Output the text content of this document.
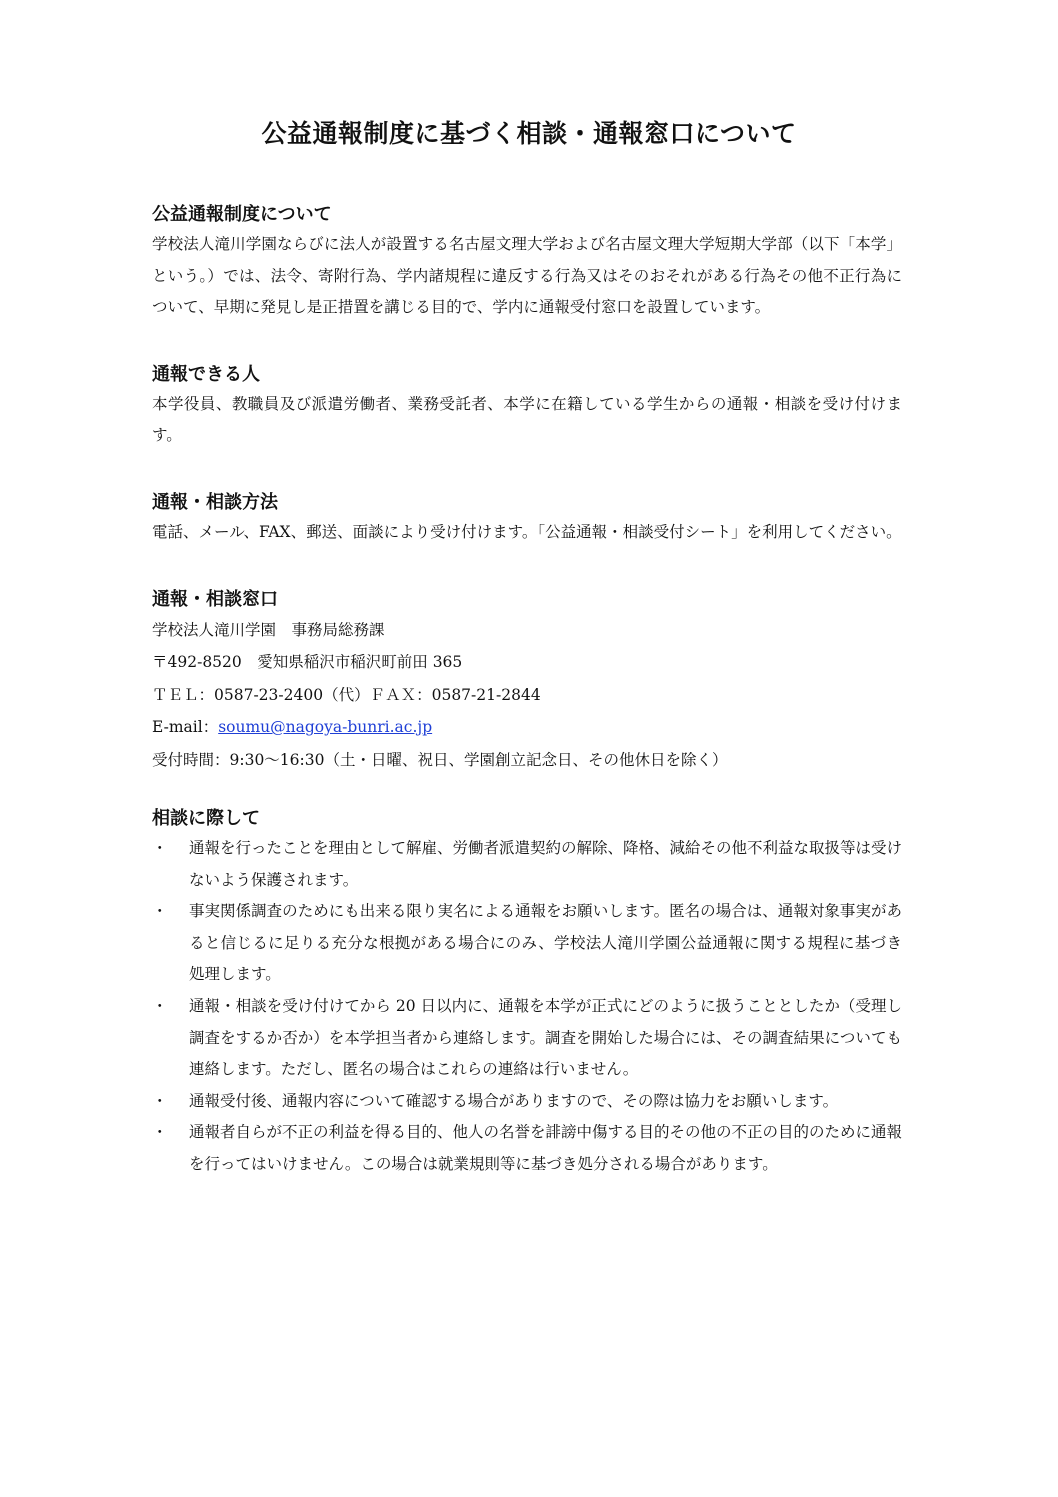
公益通報制度に基づく相談・通報窓口について
公益通報制度について

学校法人滝川学園ならびに法人が設置する名古屋文理大学および名古屋文理大学短期大学部（以下「本学」という。）では、法令、寄附行為、学内諸規程に違反する行為又はそのおそれがある行為その他不正行為について、早期に発見し是正措置を講じる目的で、学内に通報受付窓口を設置しています。

通報できる人

本学役員、教職員及び派遣労働者、業務受託者、本学に在籍している学生からの通報・相談を受け付けます。

通報・相談方法

電話、メール、FAX、郵送、面談により受け付けます。「公益通報・相談受付シート」を利用してください。

通報・相談窓口
学校法人滝川学園　事務局総務課
〒492-8520　愛知県稲沢市稲沢町前田 365
ＴＥＬ：0587-23-2400（代）ＦＡＸ：0587-21-2844
E-mail：soumu@nagoya-bunri.ac.jp
受付時間：9:30～16:30（土・日曜、祝日、学園創立記念日、その他休日を除く）
相談に際して
・ 通報を行ったことを理由として解雇、労働者派遣契約の解除、降格、減給その他不利益な取扱等は受けないよう保護されます。
・ 事実関係調査のためにも出来る限り実名による通報をお願いします。匿名の場合は、通報対象事実があると信じるに足りる充分な根拠がある場合にのみ、学校法人滝川学園公益通報に関する規程に基づき処理します。
・ 通報・相談を受け付けてから 20 日以内に、通報を本学が正式にどのように扱うこととしたか（受理し調査をするか否か）を本学担当者から連絡します。調査を開始した場合には、その調査結果についても連絡します。ただし、匿名の場合はこれらの連絡は行いません。
・ 通報受付後、通報内容について確認する場合がありますので、その際は協力をお願いします。
・ 通報者自らが不正の利益を得る目的、他人の名誉を誹謗中傷する目的その他の不正の目的のために通報を行ってはいけません。この場合は就業規則等に基づき処分される場合があります。
